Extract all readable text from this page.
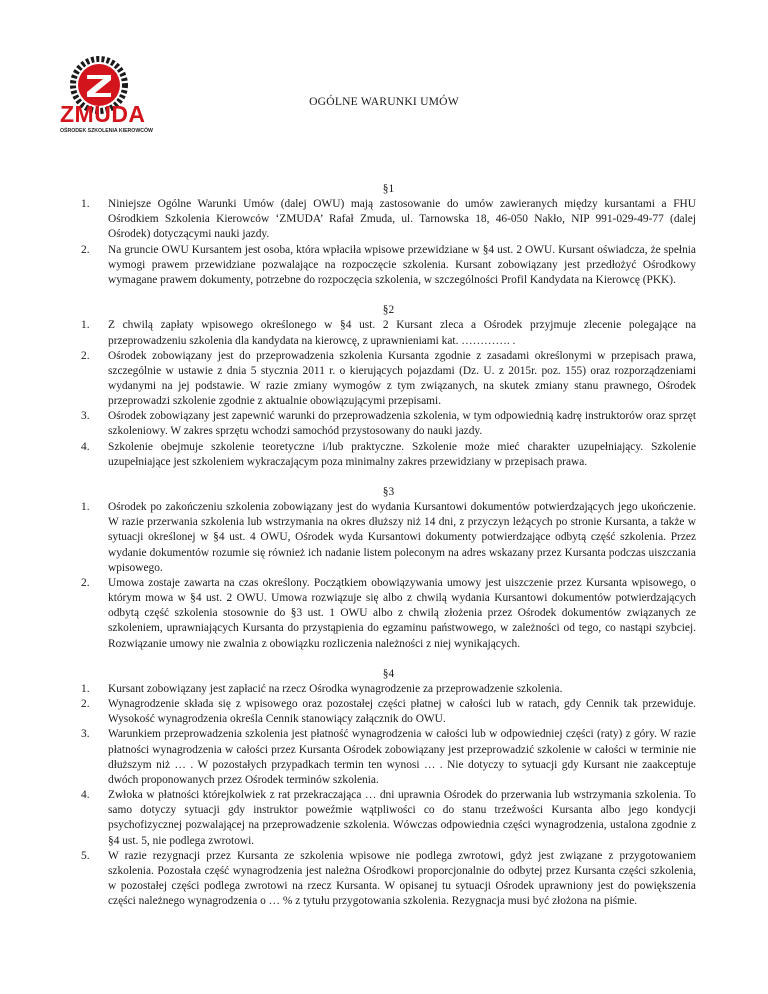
ZMUDA
OŚRODEK SZKOLENIA KIEROWCÓW
OGÓLNE WARUNKI UMÓW
§1
1.	Niniejsze Ogólne Warunki Umów (dalej OWU) mają zastosowanie do umów zawieranych między kursantami a FHU Ośrodkiem Szkolenia Kierowców ‘ZMUDA’ Rafał Zmuda, ul. Tarnowska 18, 46-050 Nakło, NIP 991-029-49-77 (dalej Ośrodek) dotyczącymi nauki jazdy.
2.	Na gruncie OWU Kursantem jest osoba, która wpłaciła wpisowe przewidziane w §4 ust. 2 OWU. Kursant oświadcza, że spełnia wymogi prawem przewidziane pozwalające na rozpoczęcie szkolenia. Kursant zobowiązany jest przedłożyć Ośrodkowy wymagane prawem dokumenty, potrzebne do rozpoczęcia szkolenia, w szczególności Profil Kandydata na Kierowcę (PKK).
§2
1.	Z chwilą zapłaty wpisowego określonego w §4 ust. 2 Kursant zleca a Ośrodek przyjmuje zlecenie polegające na przeprowadzeniu szkolenia dla kandydata na kierowcę, z uprawnieniami kat. …………. .
2.	Ośrodek zobowiązany jest do przeprowadzenia szkolenia Kursanta zgodnie z zasadami określonymi w przepisach prawa, szczególnie w ustawie z dnia 5 stycznia 2011 r. o kierujących pojazdami (Dz. U. z 2015r. poz. 155) oraz rozporządzeniami wydanymi na jej podstawie. W razie zmiany wymogów z tym związanych, na skutek zmiany stanu prawnego, Ośrodek przeprowadzi szkolenie zgodnie z aktualnie obowiązującymi przepisami.
3.	Ośrodek zobowiązany jest zapewnić warunki do przeprowadzenia szkolenia, w tym odpowiednią kadrę instruktorów oraz sprzęt szkoleniowy. W zakres sprzętu wchodzi samochód przystosowany do nauki jazdy.
4.	Szkolenie obejmuje szkolenie teoretyczne i/lub praktyczne. Szkolenie może mieć charakter uzupełniający. Szkolenie uzupełniające jest szkoleniem wykraczającym poza minimalny zakres przewidziany w przepisach prawa.
§3
1.	Ośrodek po zakończeniu szkolenia zobowiązany jest do wydania Kursantowi dokumentów potwierdzających jego ukończenie. W razie przerwania szkolenia lub wstrzymania na okres dłuższy niż 14 dni, z przyczyn leżących po stronie Kursanta, a także w sytuacji określonej w §4 ust. 4 OWU, Ośrodek wyda Kursantowi dokumenty potwierdzające odbytą część szkolenia. Przez wydanie dokumentów rozumie się również ich nadanie listem poleconym na adres wskazany przez Kursanta podczas uiszczania wpisowego.
2.	Umowa zostaje zawarta na czas określony. Początkiem obowiązywania umowy jest uiszczenie przez Kursanta wpisowego, o którym mowa w §4 ust. 2 OWU. Umowa rozwiązuje się albo z chwilą wydania Kursantowi dokumentów potwierdzających odbytą część szkolenia stosownie do §3 ust. 1 OWU albo z chwilą złożenia przez Ośrodek dokumentów związanych ze szkoleniem, uprawniających Kursanta do przystąpienia do egzaminu państwowego, w zależności od tego, co nastąpi szybciej. Rozwiązanie umowy nie zwalnia z obowiązku rozliczenia należności z niej wynikających.
§4
1.	Kursant zobowiązany jest zapłacić na rzecz Ośrodka wynagrodzenie za przeprowadzenie szkolenia.
2.	Wynagrodzenie składa się z wpisowego oraz pozostałej części płatnej w całości lub w ratach, gdy Cennik tak przewiduje. Wysokość wynagrodzenia określa Cennik stanowiący załącznik do OWU.
3.	Warunkiem przeprowadzenia szkolenia jest płatność wynagrodzenia w całości lub w odpowiedniej części (raty) z góry. W razie płatności wynagrodzenia w całości przez Kursanta Ośrodek zobowiązany jest przeprowadzić szkolenie w całości w terminie nie dłuższym niż … . W pozostałych przypadkach termin ten wynosi … . Nie dotyczy to sytuacji gdy Kursant nie zaakceptuje dwóch proponowanych przez Ośrodek terminów szkolenia.
4.	Zwłoka w płatności którejkolwiek z rat przekraczająca … dni uprawnia Ośrodek do przerwania lub wstrzymania szkolenia. To samo dotyczy sytuacji gdy instruktor poweźmie wątpliwości co do stanu trzeźwości Kursanta albo jego kondycji psychofizycznej pozwalającej na przeprowadzenie szkolenia. Wówczas odpowiednia części wynagrodzenia, ustalona zgodnie z §4 ust. 5, nie podlega zwrotowi.
5.	W razie rezygnacji przez Kursanta ze szkolenia wpisowe nie podlega zwrotowi, gdyż jest związane z przygotowaniem szkolenia. Pozostała część wynagrodzenia jest należna Ośrodkowi proporcjonalnie do odbytej przez Kursanta części szkolenia, w pozostałej części podlega zwrotowi na rzecz Kursanta. W opisanej tu sytuacji Ośrodek uprawniony jest do powiększenia części należnego wynagrodzenia o … % z tytułu przygotowania szkolenia. Rezygnacja musi być złożona na piśmie.
